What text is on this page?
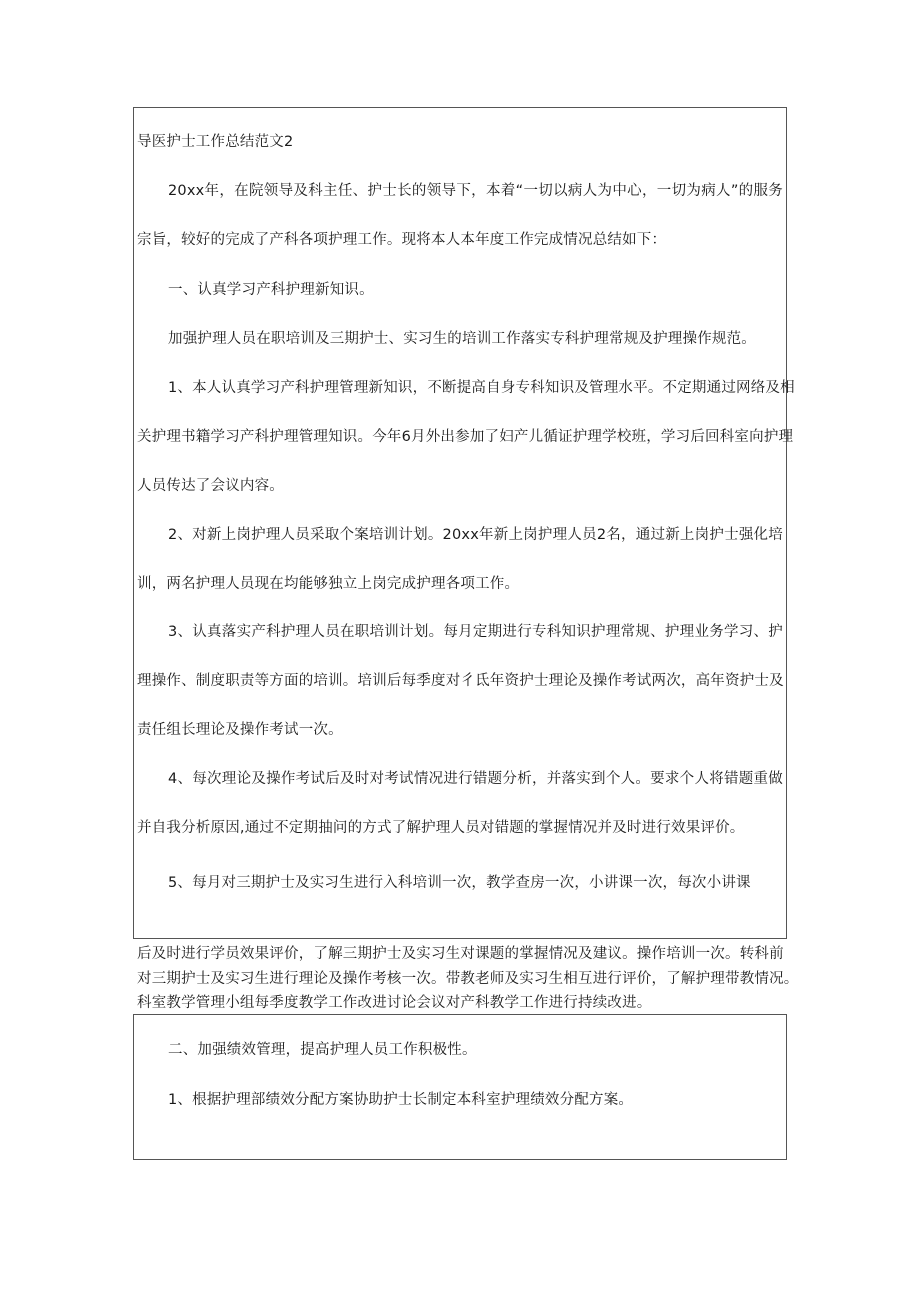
导医护士工作总结范文2
20xx年，在院领导及科主任、护士长的领导下，本着“一切以病人为中心，一切为病人”的服务
宗旨，较好的完成了产科各项护理工作。现将本人本年度工作完成情况总结如下：
一、认真学习产科护理新知识。
加强护理人员在职培训及三期护士、实习生的培训工作落实专科护理常规及护理操作规范。
1、本人认真学习产科护理管理新知识，不断提高自身专科知识及管理水平。不定期通过网络及相
关护理书籍学习产科护理管理知识。今年6月外出参加了妇产儿循证护理学校班，学习后回科室向护理
人员传达了会议内容。
2、对新上岗护理人员采取个案培训计划。20xx年新上岗护理人员2名，通过新上岗护士强化培
训，两名护理人员现在均能够独立上岗完成护理各项工作。
3、认真落实产科护理人员在职培训计划。每月定期进行专科知识护理常规、护理业务学习、护
理操作、制度职责等方面的培训。培训后每季度对彳氐年资护士理论及操作考试两次，高年资护士及
责任组长理论及操作考试一次。
4、每次理论及操作考试后及时对考试情况进行错题分析，并落实到个人。要求个人将错题重做
并自我分析原因,通过不定期抽问的方式了解护理人员对错题的掌握情况并及时进行效果评价。
5、每月对三期护士及实习生进行入科培训一次，教学查房一次，小讲课一次，每次小讲课
后及时进行学员效果评价，了解三期护士及实习生对课题的掌握情况及建议。操作培训一次。转科前
对三期护士及实习生进行理论及操作考核一次。带教老师及实习生相互进行评价，了解护理带教情况。
科室教学管理小组每季度教学工作改进讨论会议对产科教学工作进行持续改进。
二、加强绩效管理，提高护理人员工作积极性。
1、根据护理部绩效分配方案协助护士长制定本科室护理绩效分配方案。
